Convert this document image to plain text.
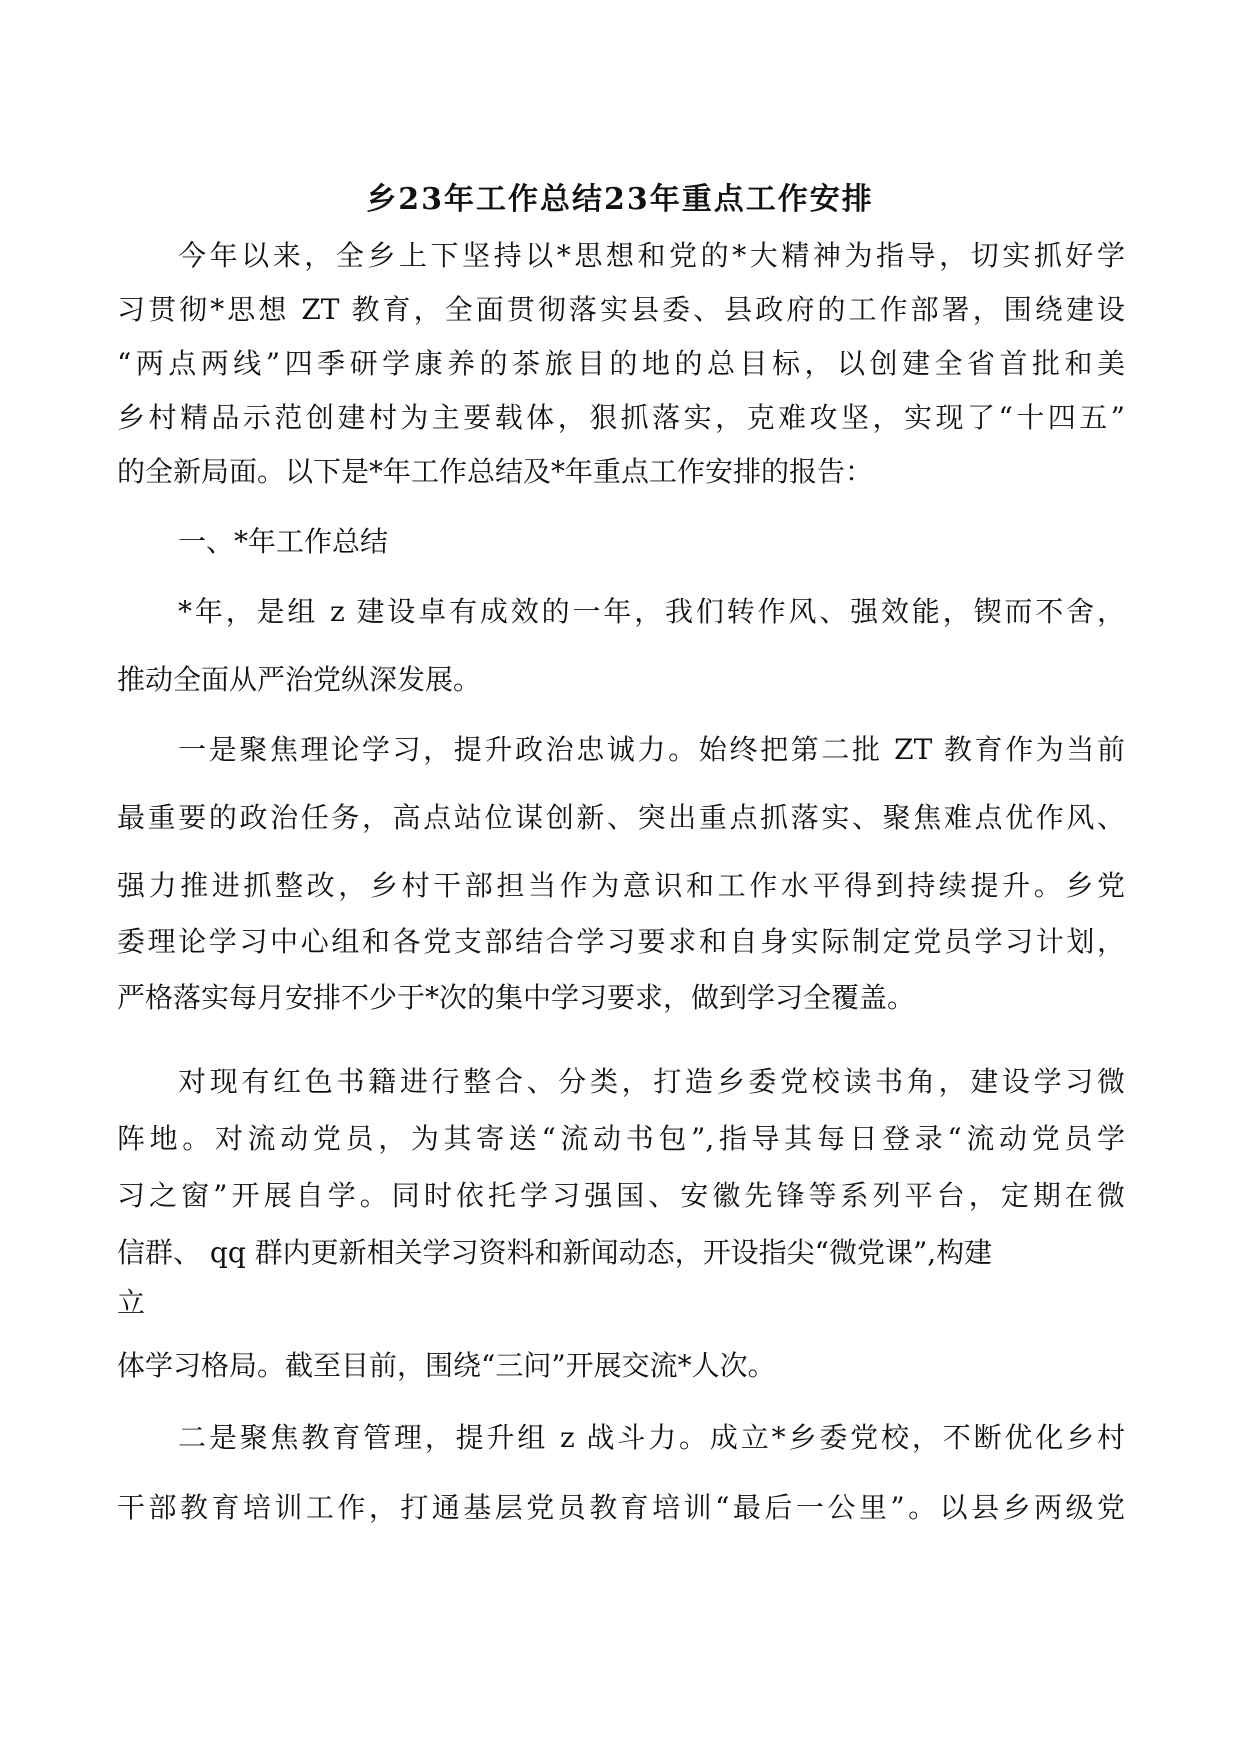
乡23年工作总结23年重点工作安排

今年以来，全乡上下坚持以*思想和党的*大精神为指导，切实抓好学

习贯彻*思想 ZT 教育，全面贯彻落实县委、县政府的工作部署，围绕建设

“两点两线”四季研学康养的茶旅目的地的总目标，以创建全省首批和美

乡村精品示范创建村为主要载体，狠抓落实，克难攻坚，实现了“十四五”

的全新局面。以下是*年工作总结及*年重点工作安排的报告：

一、*年工作总结

*年，是组 z 建设卓有成效的一年，我们转作风、强效能，锲而不舍，

推动全面从严治党纵深发展。

一是聚焦理论学习，提升政治忠诚力。始终把第二批 ZT 教育作为当前

最重要的政治任务，高点站位谋创新、突出重点抓落实、聚焦难点优作风、

强力推进抓整改，乡村干部担当作为意识和工作水平得到持续提升。乡党

委理论学习中心组和各党支部结合学习要求和自身实际制定党员学习计划，

严格落实每月安排不少于*次的集中学习要求，做到学习全覆盖。

对现有红色书籍进行整合、分类，打造乡委党校读书角，建设学习微

阵地。对流动党员，为其寄送“流动书包”,指导其每日登录“流动党员学

习之窗”开展自学。同时依托学习强国、安徽先锋等系列平台，定期在微

信群、 qq 群内更新相关学习资料和新闻动态，开设指尖“微党课”,构建

立

体学习格局。截至目前，围绕“三问”开展交流*人次。

二是聚焦教育管理，提升组 z 战斗力。成立*乡委党校，不断优化乡村

干部教育培训工作，打通基层党员教育培训“最后一公里”。以县乡两级党
